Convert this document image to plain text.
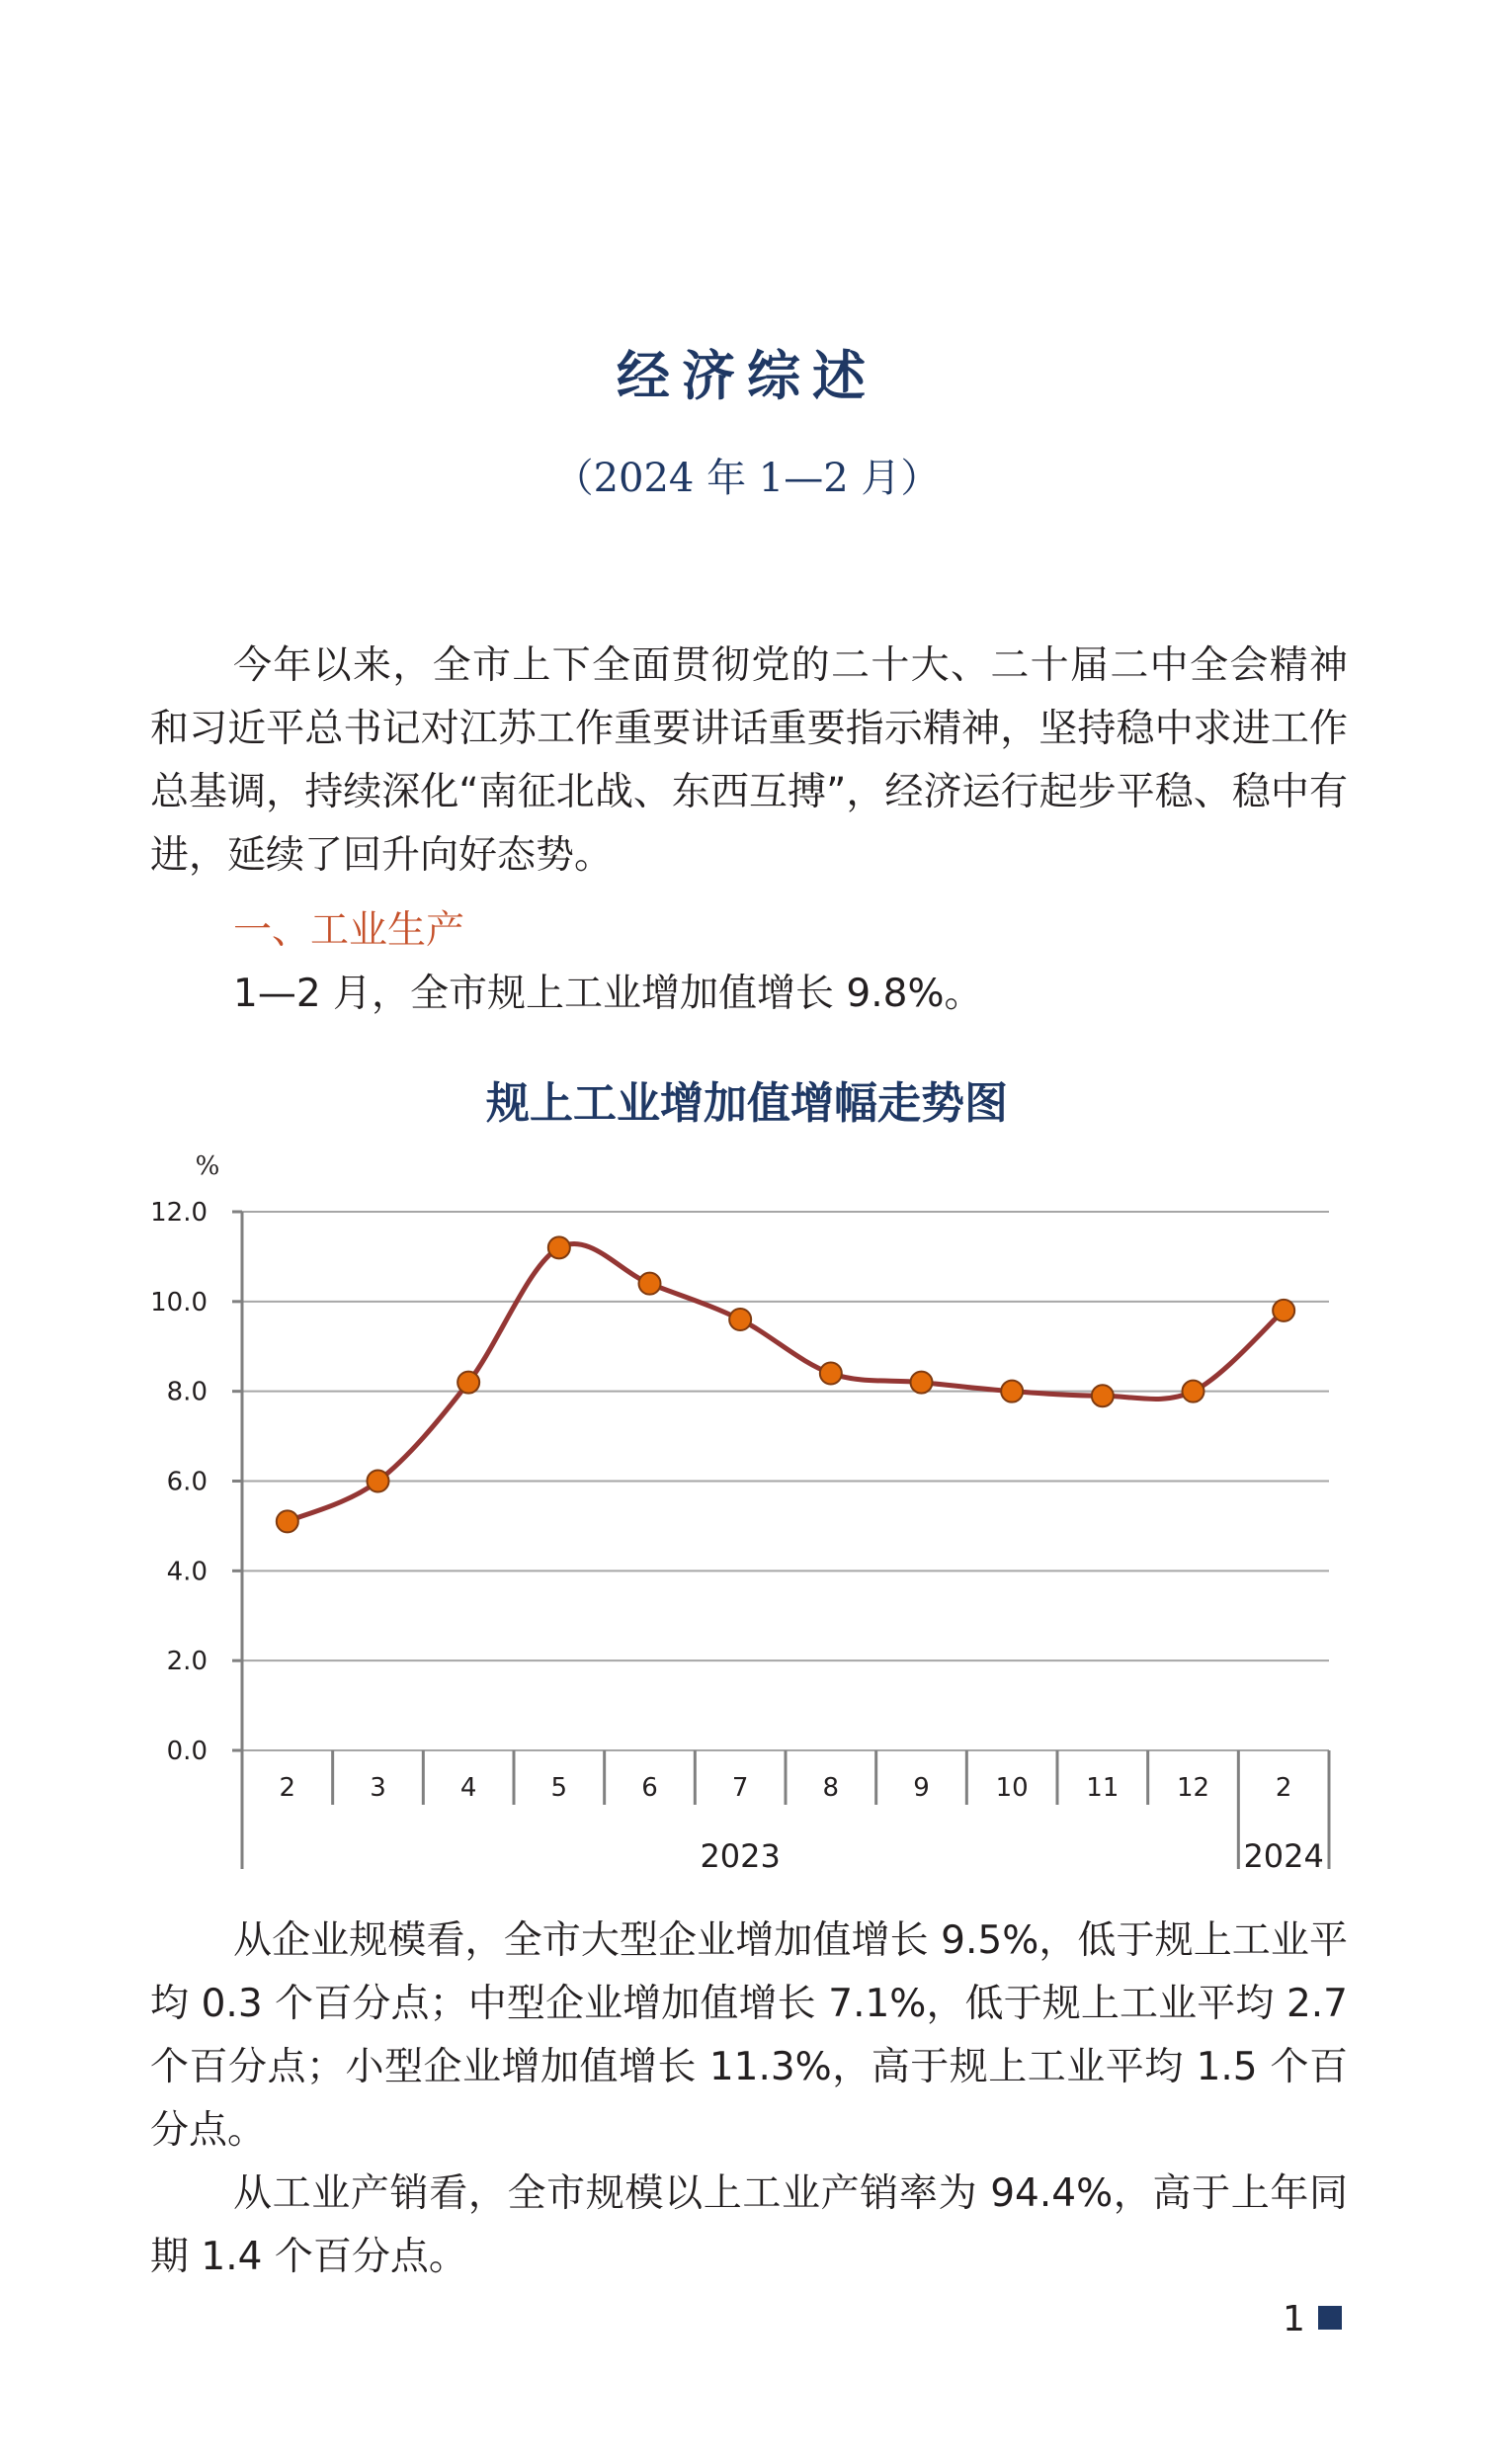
经济综述
（2024 年 1—2 月）

今年以来，全市上下全面贯彻党的二十大、二十届二中全会精神和习近平总书记对江苏工作重要讲话重要指示精神，坚持稳中求进工作总基调，持续深化“南征北战、东西互搏”，经济运行起步平稳、稳中有进，延续了回升向好态势。

一、工业生产

1—2 月，全市规上工业增加值增长 9.8%。

规上工业增加值增幅走势图
0.0
2.0
4.0
6.0
8.0
10.0
12.0
%
2	3	4	5	6	7	8	9	10 11 12	2
2023	2024

从企业规模看，全市大型企业增加值增长 9.5%，低于规上工业平均 0.3 个百分点；中型企业增加值增长 7.1%，低于规上工业平均 2.7 个百分点；小型企业增加值增长 11.3%，高于规上工业平均 1.5 个百分点。

从工业产销看，全市规模以上工业产销率为 94.4%，高于上年同期 1.4 个百分点。

1
